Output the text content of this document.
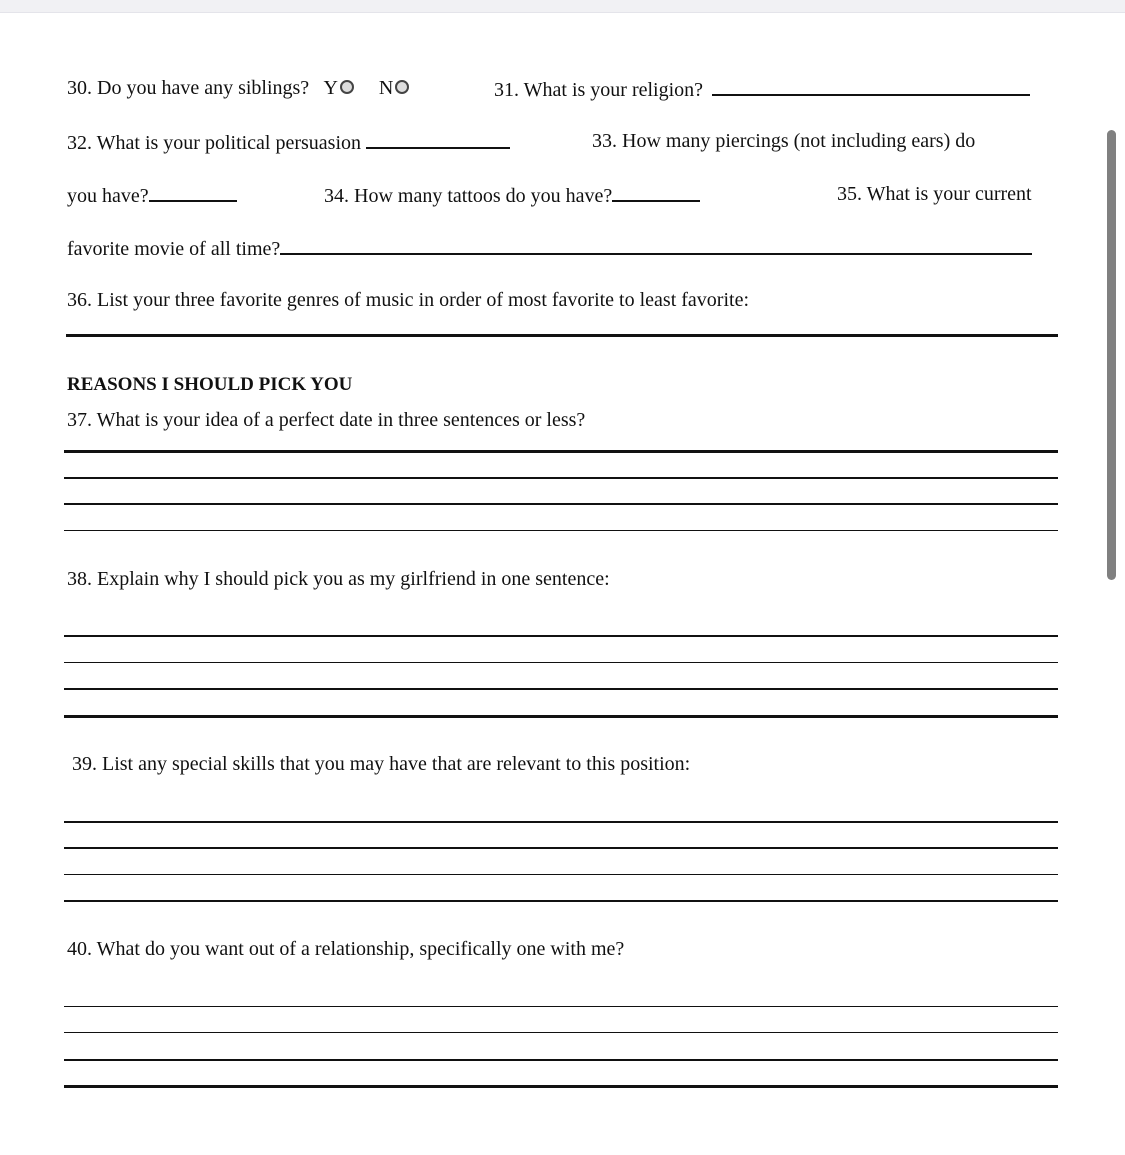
30. Do you have any siblings? Y N	31. What is your religion?
32. What is your political persuasion	33. How many piercings (not including ears) do
you have?	34. How many tattoos do you have?	35. What is your current
favorite movie of all time?
36. List your three favorite genres of music in order of most favorite to least favorite:
REASONS I SHOULD PICK YOU
37. What is your idea of a perfect date in three sentences or less?
38. Explain why I should pick you as my girlfriend in one sentence:
39. List any special skills that you may have that are relevant to this position:
40. What do you want out of a relationship, specifically one with me?
